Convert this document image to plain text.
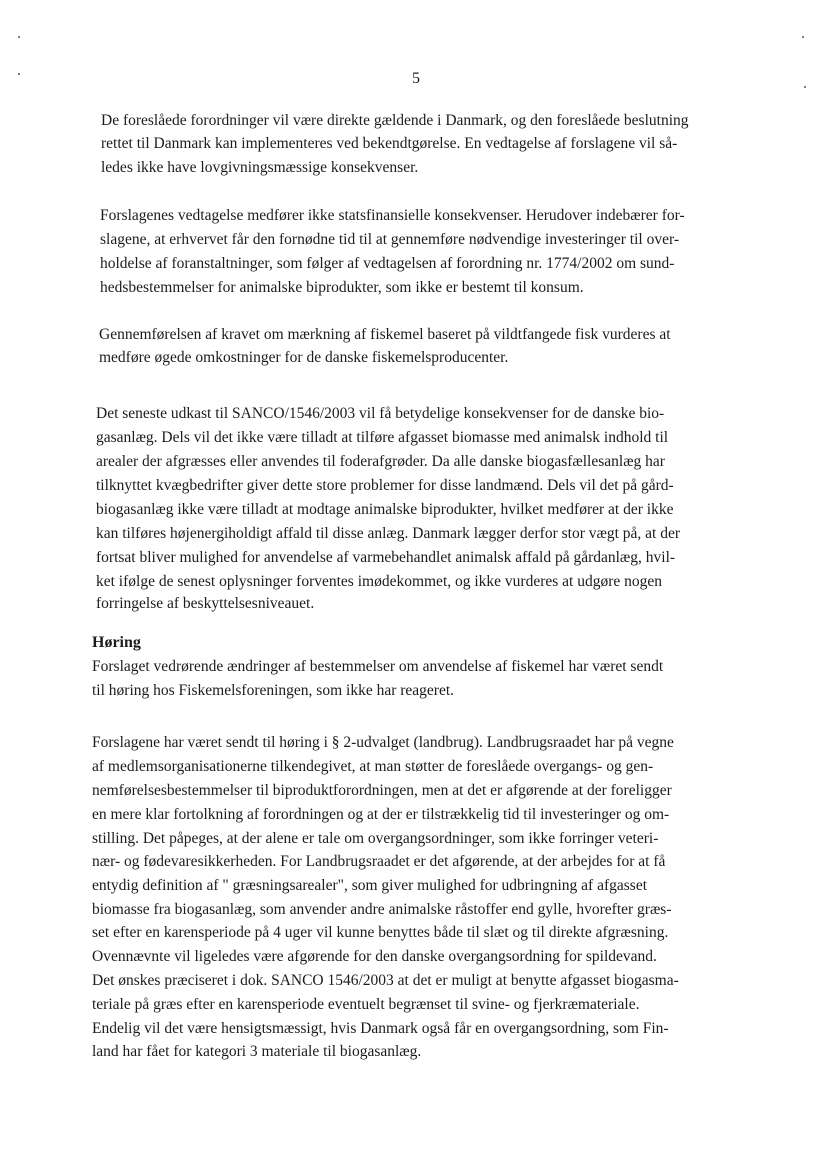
5
De foreslåede forordninger vil være direkte gældende i Danmark, og den foreslåede beslutning
rettet til Danmark kan implementeres ved bekendtgørelse. En vedtagelse af forslagene vil så-
ledes ikke have lovgivningsmæssige konsekvenser.
Forslagenes vedtagelse medfører ikke statsfinansielle konsekvenser. Herudover indebærer for-
slagene, at erhvervet får den fornødne tid til at gennemføre nødvendige investeringer til over-
holdelse af foranstaltninger, som følger af vedtagelsen af forordning nr. 1774/2002 om sund-
hedsbestemmelser for animalske biprodukter, som ikke er bestemt til konsum.
Gennemførelsen af kravet om mærkning af fiskemel baseret på vildtfangede fisk vurderes at
medføre øgede omkostninger for de danske fiskemelsproducenter.
Det seneste udkast til SANCO/1546/2003 vil få betydelige konsekvenser for de danske bio-
gasanlæg. Dels vil det ikke være tilladt at tilføre afgasset biomasse med animalsk indhold til
arealer der afgræsses eller anvendes til foderafgrøder. Da alle danske biogasfællesanlæg har
tilknyttet kvægbedrifter giver dette store problemer for disse landmænd. Dels vil det på gård-
biogasanlæg ikke være tilladt at modtage animalske biprodukter, hvilket medfører at der ikke
kan tilføres højenergiholdigt affald til disse anlæg. Danmark lægger derfor stor vægt på, at der
fortsat bliver mulighed for anvendelse af varmebehandlet animalsk affald på gårdanlæg, hvil-
ket ifølge de senest oplysninger forventes imødekommet, og ikke vurderes at udgøre nogen
forringelse af beskyttelsesniveauet.
Høring
Forslaget vedrørende ændringer af bestemmelser om anvendelse af fiskemel har været sendt
til høring hos Fiskemelsforeningen, som ikke har reageret.
Forslagene har været sendt til høring i § 2-udvalget (landbrug). Landbrugsraadet har på vegne
af medlemsorganisationerne tilkendegivet, at man støtter de foreslåede overgangs- og gen-
nemførelsesbestemmelser til biproduktforordningen, men at det er afgørende at der foreligger
en mere klar fortolkning af forordningen og at der er tilstrækkelig tid til investeringer og om-
stilling. Det påpeges, at der alene er tale om overgangsordninger, som ikke forringer veteri-
nær- og fødevaresikkerheden. For Landbrugsraadet er det afgørende, at der arbejdes for at få
entydig definition af " græsningsarealer", som giver mulighed for udbringning af afgasset
biomasse fra biogasanlæg, som anvender andre animalske råstoffer end gylle, hvorefter græs-
set efter en karensperiode på 4 uger vil kunne benyttes både til slæt og til direkte afgræsning.
Ovennævnte vil ligeledes være afgørende for den danske overgangsordning for spildevand.
Det ønskes præciseret i dok. SANCO 1546/2003 at det er muligt at benytte afgasset biogasma-
teriale på græs efter en karensperiode eventuelt begrænset til svine- og fjerkræmateriale.
Endelig vil det være hensigtsmæssigt, hvis Danmark også får en overgangsordning, som Fin-
land har fået for kategori 3 materiale til biogasanlæg.
